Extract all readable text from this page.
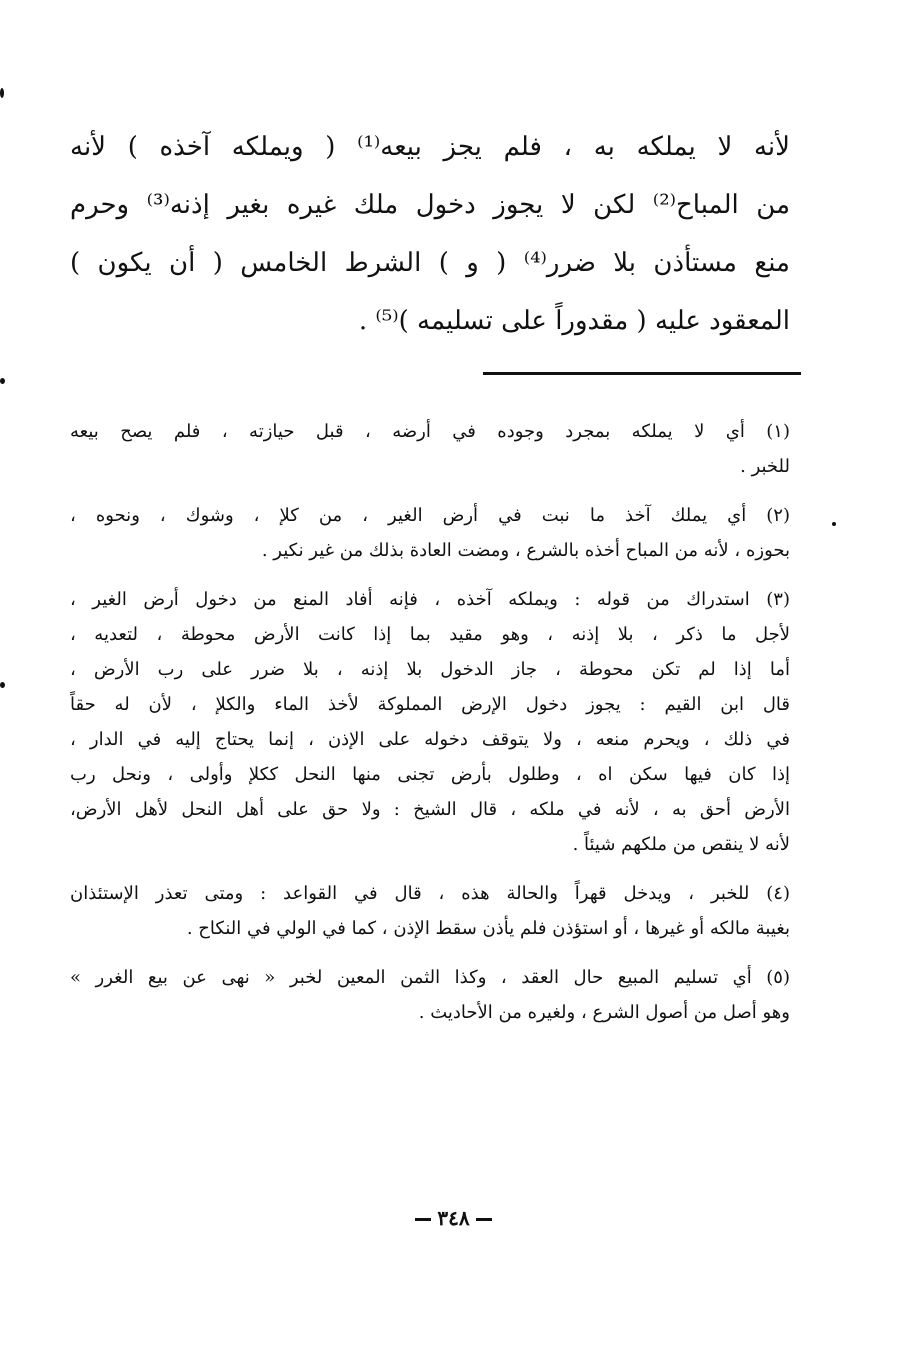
لأنه لا يملكه به ، فلم يجز بيعه⁽¹⁾ ( ويملكه آخذه ) لأنه
من المباح⁽²⁾ لكن لا يجوز دخول ملك غيره بغير إذنه⁽³⁾ وحرم
منع مستأذن بلا ضرر⁽⁴⁾ ( و ) الشرط الخامس ( أن يكون )
المعقود عليه ( مقدوراً على تسليمه )⁽⁵⁾ .
(١) أي لا يملكه بمجرد وجوده في أرضه ، قبل حيازته ، فلم يصح بيعه
للخبر .
(٢) أي يملك آخذ ما نبت في أرض الغير ، من كلإ ، وشوك ، ونحوه ،
بحوزه ، لأنه من المباح أخذه بالشرع ، ومضت العادة بذلك من غير نكير .
(٣) استدراك من قوله : ويملكه آخذه ، فإنه أفاد المنع من دخول أرض الغير ،
لأجل ما ذكر ، بلا إذنه ، وهو مقيد بما إذا كانت الأرض محوطة ، لتعديه ،
أما إذا لم تكن محوطة ، جاز الدخول بلا إذنه ، بلا ضرر على رب الأرض ،
قال ابن القيم : يجوز دخول الإرض المملوكة لأخذ الماء والكلإ ، لأن له حقاً
في ذلك ، ويحرم منعه ، ولا يتوقف دخوله على الإذن ، إنما يحتاج إليه في الدار ،
إذا كان فيها سكن اه ، وطلول بأرض تجنى منها النحل ككلإ وأولى ، ونحل رب
الأرض أحق به ، لأنه في ملكه ، قال الشيخ : ولا حق على أهل النحل لأهل الأرض،
لأنه لا ينقص من ملكهم شيئاً .
(٤) للخبر ، ويدخل قهراً والحالة هذه ، قال في القواعد : ومتى تعذر الإستئذان
بغيبة مالكه أو غيرها ، أو استؤذن فلم يأذن سقط الإذن ، كما في الولي في النكاح .
(٥) أي تسليم المبيع حال العقد ، وكذا الثمن المعين لخبر « نهى عن بيع الغرر »
وهو أصل من أصول الشرع ، ولغيره من الأحاديث .
٣٤٨
